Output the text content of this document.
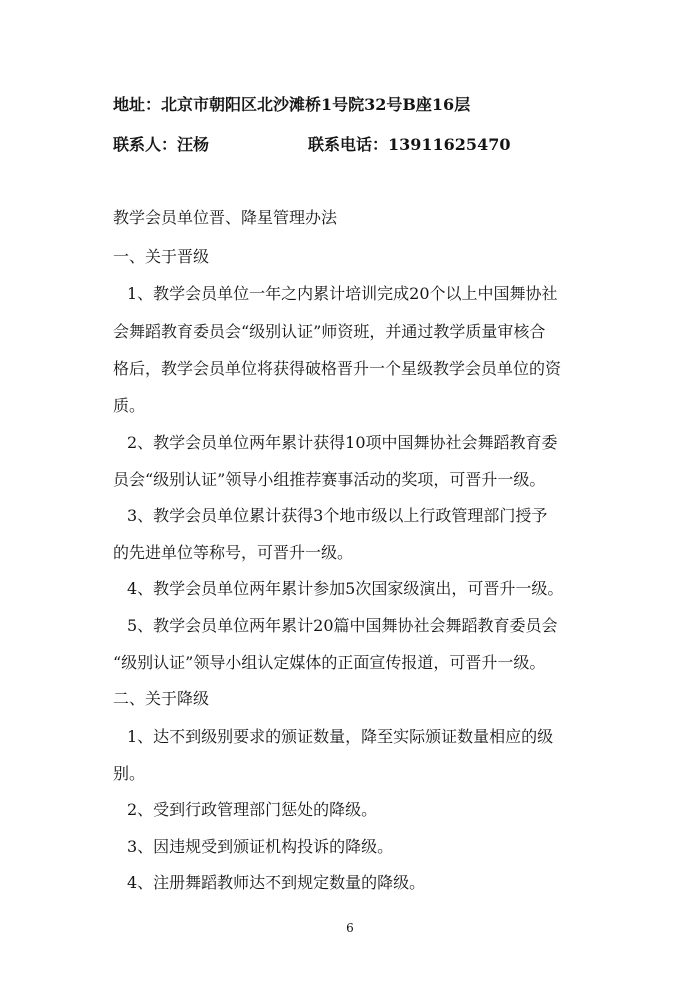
地址：北京市朝阳区北沙滩桥1号院32号B座16层
联系人：汪杨	联系电话：13911625470
教学会员单位晋、降星管理办法
一、关于晋级
1、教学会员单位一年之内累计培训完成20个以上中国舞协社
会舞蹈教育委员会“级别认证”师资班，并通过教学质量审核合
格后，教学会员单位将获得破格晋升一个星级教学会员单位的资
质。
2、教学会员单位两年累计获得10项中国舞协社会舞蹈教育委
员会“级别认证”领导小组推荐赛事活动的奖项，可晋升一级。
3、教学会员单位累计获得3个地市级以上行政管理部门授予
的先进单位等称号，可晋升一级。
4、教学会员单位两年累计参加5次国家级演出，可晋升一级。
5、教学会员单位两年累计20篇中国舞协社会舞蹈教育委员会
“级别认证”领导小组认定媒体的正面宣传报道，可晋升一级。
二、关于降级
1、达不到级别要求的颁证数量，降至实际颁证数量相应的级
别。
2、受到行政管理部门惩处的降级。
3、因违规受到颁证机构投诉的降级。
4、注册舞蹈教师达不到规定数量的降级。
6
